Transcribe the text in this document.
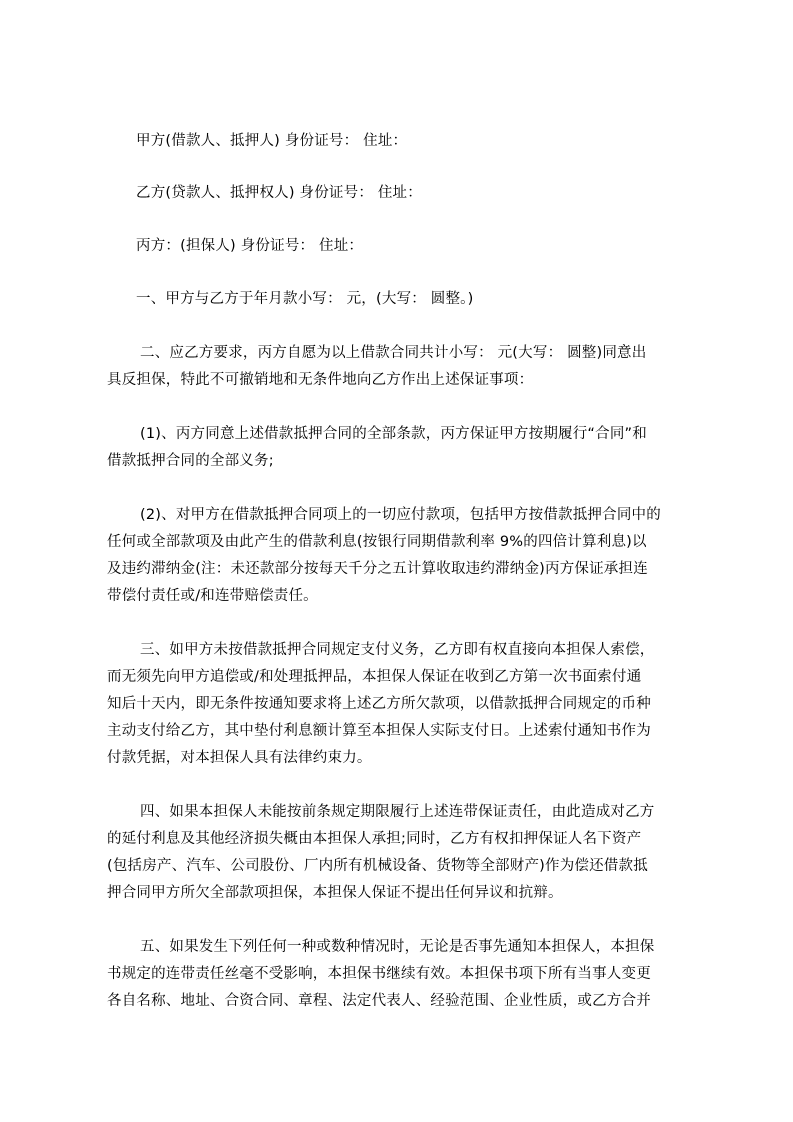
甲方(借款人、抵押人) 身份证号： 住址：
乙方(贷款人、抵押权人) 身份证号： 住址：
丙方：(担保人) 身份证号： 住址：
一、甲方与乙方于年月款小写： 元，(大写： 圆整。)
二、应乙方要求，丙方自愿为以上借款合同共计小写： 元(大写： 圆整)同意出
具反担保，特此不可撤销地和无条件地向乙方作出上述保证事项：
(1)、丙方同意上述借款抵押合同的全部条款，丙方保证甲方按期履行“合同”和
借款抵押合同的全部义务;
(2)、对甲方在借款抵押合同项上的一切应付款项，包括甲方按借款抵押合同中的
任何或全部款项及由此产生的借款利息(按银行同期借款利率 9%的四倍计算利息)以
及违约滞纳金(注：未还款部分按每天千分之五计算收取违约滞纳金)丙方保证承担连
带偿付责任或/和连带赔偿责任。
三、如甲方未按借款抵押合同规定支付义务，乙方即有权直接向本担保人索偿，
而无须先向甲方追偿或/和处理抵押品，本担保人保证在收到乙方第一次书面索付通
知后十天内，即无条件按通知要求将上述乙方所欠款项，以借款抵押合同规定的币种
主动支付给乙方，其中垫付利息额计算至本担保人实际支付日。上述索付通知书作为
付款凭据，对本担保人具有法律约束力。
四、如果本担保人未能按前条规定期限履行上述连带保证责任，由此造成对乙方
的延付利息及其他经济损失概由本担保人承担;同时，乙方有权扣押保证人名下资产
(包括房产、汽车、公司股份、厂内所有机械设备、货物等全部财产)作为偿还借款抵
押合同甲方所欠全部款项担保，本担保人保证不提出任何异议和抗辩。
五、如果发生下列任何一种或数种情况时，无论是否事先通知本担保人，本担保
书规定的连带责任丝毫不受影响，本担保书继续有效。本担保书项下所有当事人变更
各自名称、地址、合资合同、章程、法定代表人、经验范围、企业性质，或乙方合并
